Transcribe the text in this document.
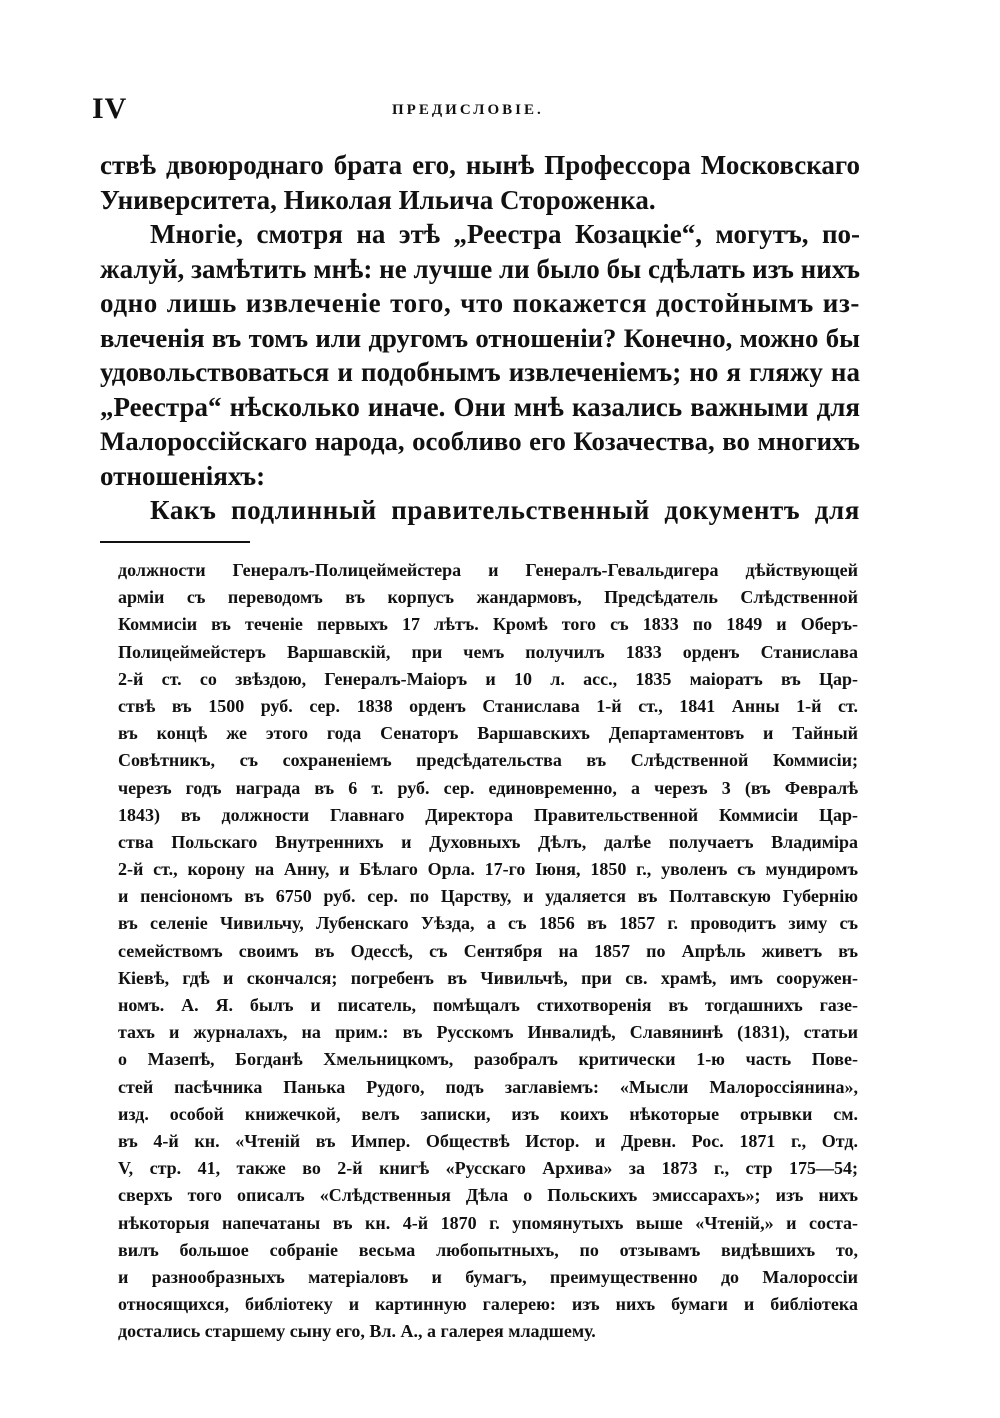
IV	ПРЕДИСЛОВІЕ.
ствѣ двоюроднаго брата его, нынѣ Профессора Московскаго
Университета, Николая Ильича Стороженка.
Многіе, смотря на этѣ „Реестра Козацкіе“, могутъ, по-
жалуй, замѣтить мнѣ: не лучше ли было бы сдѣлать изъ нихъ
одно лишь извлеченіе того, что покажется достойнымъ из-
влеченія въ томъ или другомъ отношеніи? Конечно, можно бы
удовольствоваться и подобнымъ извлеченіемъ; но я гляжу на
„Реестра“ нѣсколько иначе. Они мнѣ казались важными для
Малороссійскаго народа, особливо его Козачества, во многихъ
отношеніяхъ:
Какъ подлинный правительственный документъ для
должности Генералъ-Полицеймейстера и Генералъ-Гевальдигера дѣйствующей
арміи съ переводомъ въ корпусъ жандармовъ, Предсѣдатель Слѣдственной
Коммисіи въ теченіе первыхъ 17 лѣтъ. Кромѣ того съ 1833 по 1849 и Оберъ-
Полицеймейстеръ Варшавскій, при чемъ получилъ 1833 орденъ Станислава
2-й ст. со звѣздою, Генералъ-Маіоръ и 10 л. асс., 1835 маіоратъ въ Цар-
ствѣ въ 1500 руб. сер. 1838 орденъ Станислава 1-й ст., 1841 Анны 1-й ст.
въ концѣ же этого года Сенаторъ Варшавскихъ Департаментовъ и Тайный
Совѣтникъ, съ сохраненіемъ предсѣдательства въ Слѣдственной Коммисіи;
черезъ годъ награда въ 6 т. руб. сер. единовременно, а черезъ 3 (въ Февралѣ
1843) въ должности Главнаго Директора Правительственной Коммисіи Цар-
ства Польскаго Внутреннихъ и Духовныхъ Дѣлъ, далѣе получаетъ Владиміра
2-й ст., корону на Анну, и Бѣлаго Орла. 17-го Іюня, 1850 г., уволенъ съ мундиромъ
и пенсіономъ въ 6750 руб. сер. по Царству, и удаляется въ Полтавскую Губернію
въ селеніе Чивильчу, Лубенскаго Уѣзда, а съ 1856 въ 1857 г. проводитъ зиму съ
семействомъ своимъ въ Одессѣ, съ Сентября на 1857 по Апрѣль живетъ въ
Кіевѣ, гдѣ и скончался; погребенъ въ Чивильчѣ, при св. храмѣ, имъ сооружен-
номъ. А. Я. былъ и писатель, помѣщалъ стихотворенія въ тогдашнихъ газе-
тахъ и журналахъ, на прим.: въ Русскомъ Инвалидѣ, Славянинѣ (1831), статьи
о Мазепѣ, Богданѣ Хмельницкомъ, разобралъ критически 1-ю часть Пове-
стей пасѣчника Панька Рудого, подъ заглавіемъ: «Мысли Малороссіянина»,
изд. особой книжечкой, велъ записки, изъ коихъ нѣкоторые отрывки см.
въ 4-й кн. «Чтеній въ Импер. Обществѣ Истор. и Древн. Рос. 1871 г., Отд.
V, стр. 41, также во 2-й книгѣ «Русскаго Архива» за 1873 г., стр 175—54;
сверхъ того описалъ «Слѣдственныя Дѣла о Польскихъ эмиссарахъ»; изъ нихъ
нѣкоторыя напечатаны въ кн. 4-й 1870 г. упомянутыхъ выше «Чтеній,» и соста-
вилъ большое собраніе весьма любопытныхъ, по отзывамъ видѣвшихъ то,
и разнообразныхъ матеріаловъ и бумагъ, преимущественно до Малороссіи
относящихся, библіотеку и картинную галерею: изъ нихъ бумаги и библіотека
достались старшему сыну его, Вл. А., а галерея младшему.
